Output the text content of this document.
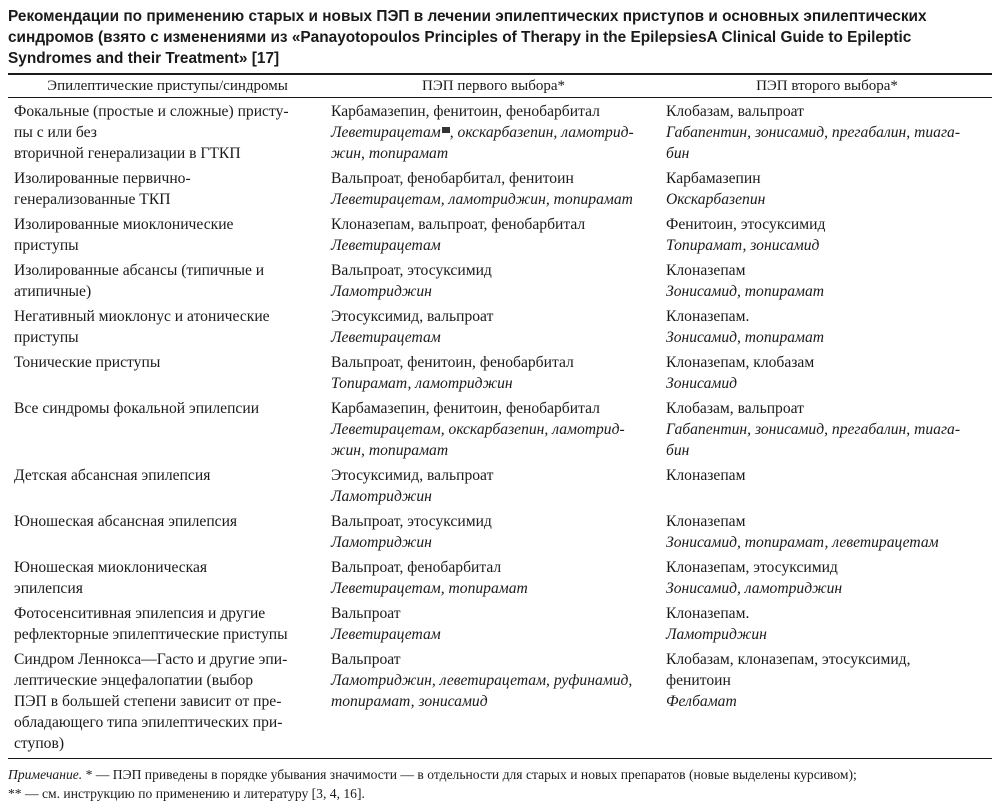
Рекомендации по применению старых и новых ПЭП в лечении эпилептических приступов и основных эпилептических синдромов (взято с изменениями из «Panayotopoulos Principles of Therapy in the EpilepsiesA Clinical Guide to Epileptic Syndromes and their Treatment» [17]
Эпилептические приступы/синдромы	ПЭП первого выбора*	ПЭП второго выбора*

Фокальные (простые и сложные) присту-
пы с или без
вторичной генерализации в ГТКП	Карбамазепин, фенитоин, фенобарбитал
Леветирацетам , окскарбазепин, ламотрид-
жин, топирамат	Клобазам, вальпроат
Габапентин, зонисамид, прегабалин, тиага-
бин

Изолированные первично-
генерализованные ТКП	Вальпроат, фенобарбитал, фенитоин
Леветирацетам, ламотриджин, топирамат	Карбамазепин
Окскарбазепин

Изолированные миоклонические
приступы	Клоназепам, вальпроат, фенобарбитал
Леветирацетам	Фенитоин, этосуксимид
Топирамат, зонисамид

Изолированные абсансы (типичные и
атипичные)	Вальпроат, этосуксимид
Ламотриджин	Клоназепам
Зонисамид, топирамат

Негативный миоклонус и атонические
приступы	Этосуксимид, вальпроат
Леветирацетам	Клоназепам.
Зонисамид, топирамат

Тонические приступы	Вальпроат, фенитоин, фенобарбитал
Топирамат, ламотриджин	Клоназепам, клобазам
Зонисамид

Все синдромы фокальной эпилепсии	Карбамазепин, фенитоин, фенобарбитал
Леветирацетам, окскарбазепин, ламотрид-
жин, топирамат	Клобазам, вальпроат
Габапентин, зонисамид, прегабалин, тиага-
бин

Детская абсансная эпилепсия	Этосуксимид, вальпроат
Ламотриджин	Клоназепам

Юношеская абсансная эпилепсия	Вальпроат, этосуксимид
Ламотриджин	Клоназепам
Зонисамид, топирамат, леветирацетам

Юношеская миоклоническая
эпилепсия	Вальпроат, фенобарбитал
Леветирацетам, топирамат	Клоназепам, этосуксимид
Зонисамид, ламотриджин

Фотосенситивная эпилепсия и другие
рефлекторные эпилептические приступы	Вальпроат
Леветирацетам	Клоназепам.
Ламотриджин

Синдром Леннокса—Гасто и другие эпи-
лептические энцефалопатии (выбор
ПЭП в большей степени зависит от пре-
обладающего типа эпилептических при-
ступов)	Вальпроат
Ламотриджин, леветирацетам, руфинамид,
топирамат, зонисамид	Клобазам, клоназепам, этосуксимид,
фенитоин
Фелбамат
Примечание. * — ПЭП приведены в порядке убывания значимости — в отдельности для старых и новых препаратов (новые выделены курсивом);
** — см. инструкцию по применению и литературу [3, 4, 16].
